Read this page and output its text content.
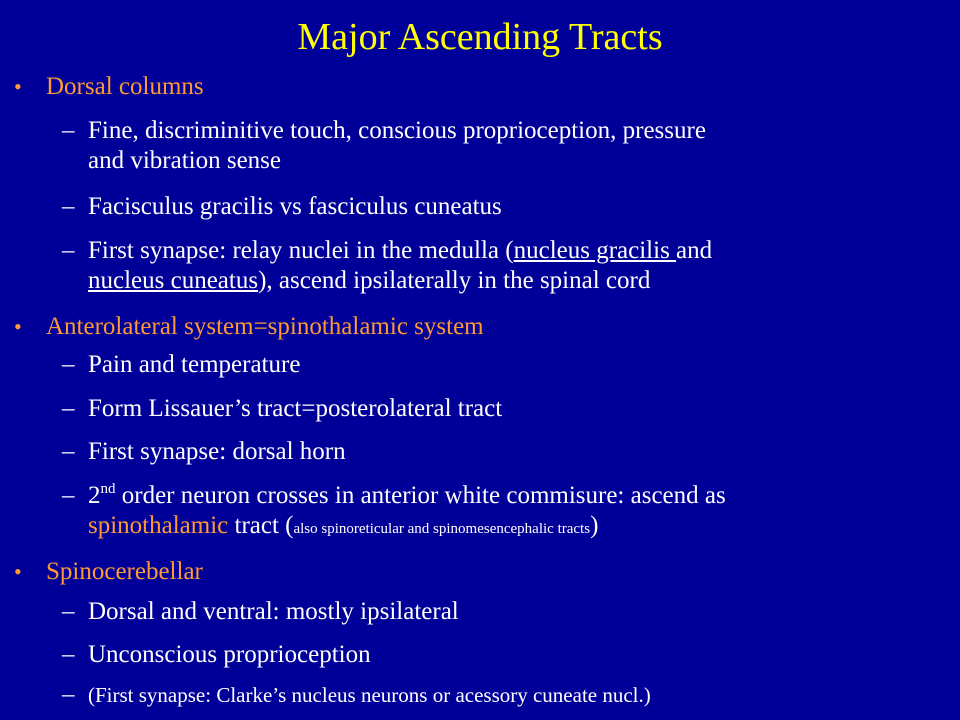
Major Ascending Tracts
• Dorsal columns
– Fine, discriminitive touch, conscious proprioception, pressure
and vibration sense
– Facisculus gracilis vs fasciculus cuneatus
– First synapse: relay nuclei in the medulla (nucleus gracilis and
nucleus cuneatus), ascend ipsilaterally in the spinal cord
• Anterolateral system=spinothalamic system
– Pain and temperature
– Form Lissauer’s tract=posterolateral tract
– First synapse: dorsal horn
– 2nd order neuron crosses in anterior white commisure: ascend as
spinothalamic tract (also spinoreticular and spinomesencephalic tracts)
• Spinocerebellar
– Dorsal and ventral: mostly ipsilateral
– Unconscious proprioception
– (First synapse: Clarke’s nucleus neurons or acessory cuneate nucl.)
